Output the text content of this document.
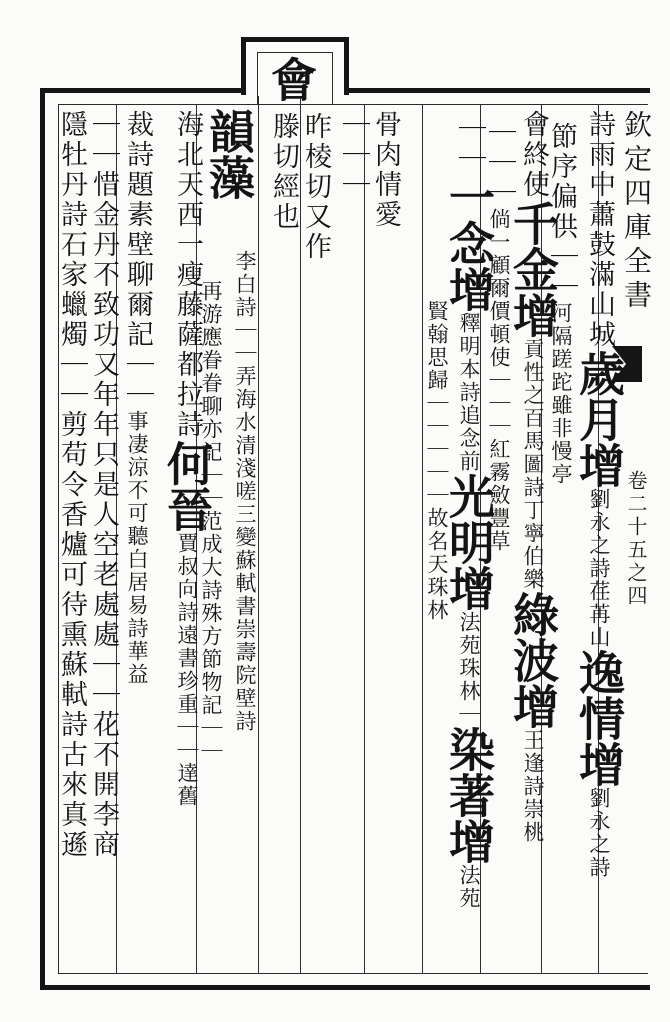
欽定四庫全書
卷二十五之四
會
詩雨中蕭鼓滿山城歲月增劉永之詩荏苒山逸情增劉永之詩
節序偏供｜｜河隔蹉跎雖非慢亭
會終使千金增貢性之百馬圖詩丁寧伯樂綠波增王逢詩崇桃
｜｜｜倘一顧爾價頓使｜｜｜紅霧斂豐草
｜｜一念增釋明本詩追念前光明增法苑珠林｜染著增法苑
賢翰思歸｜｜｜｜｜故名天珠林
骨肉情愛
｜｜｜
昨棱切又作
滕切經也
韻藻
李白詩｜｜弄海水清淺嗟三變蘇軾書崇壽院壁詩
再游應眷眷聊亦記｜｜范成大詩殊方節物記｜｜
海北天西一瘦藤薩都拉詩何晉賈叔向詩遠書珍重｜｜達舊
裁詩題素壁聊爾記｜｜事凄涼不可聽白居易詩華益
｜｜惜金丹不致功又年年只是人空老處處｜｜花不開李商
隱牡丹詩石家蠟燭｜｜剪苟令香爐可待熏蘇軾詩古來真遜
